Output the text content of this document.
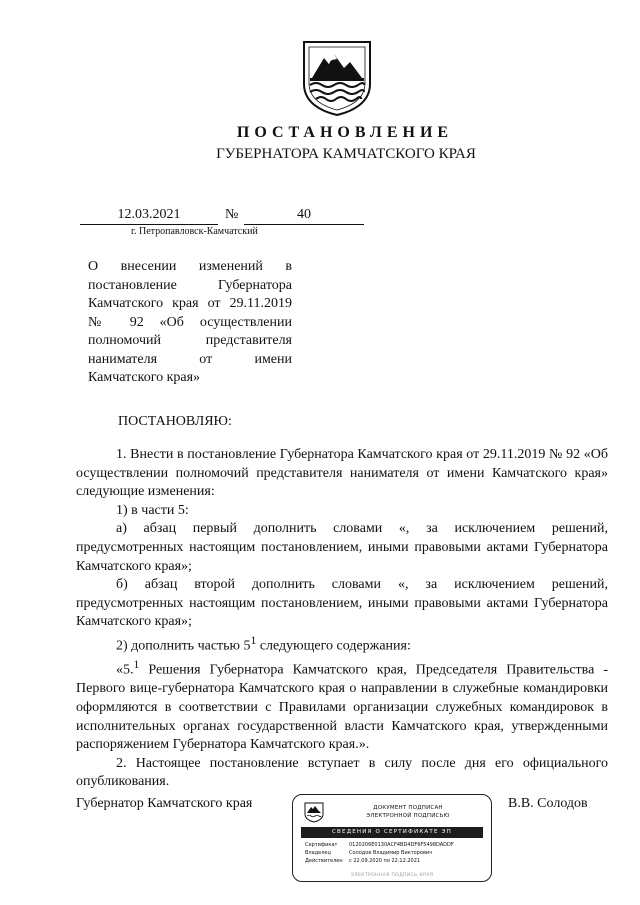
ПОСТАНОВЛЕНИЕ
ГУБЕРНАТОРА КАМЧАТСКОГО КРАЯ
12.03.2021	№	40
г. Петропавловск-Камчатский
О внесении изменений в постановление Губернатора Камчатского края от 29.11.2019 № 92 «Об осуществлении полномочий представителя нанимателя от имени Камчатского края»
ПОСТАНОВЛЯЮ:

1. Внести в постановление Губернатора Камчатского края от 29.11.2019 № 92 «Об осуществлении полномочий представителя нанимателя от имени Камчатского края» следующие изменения:

1) в части 5:

а) абзац первый дополнить словами «, за исключением решений, предусмотренных настоящим постановлением, иными правовыми актами Губернатора Камчатского края»;

б) абзац второй дополнить словами «, за исключением решений, предусмотренных настоящим постановлением, иными правовыми актами Губернатора Камчатского края»;

2) дополнить частью $5^1$ следующего содержания:

«5.$^1$ Решения Губернатора Камчатского края, Председателя Правительства - Первого вице-губернатора Камчатского края о направлении в служебные командировки оформляются в соответствии с Правилами организации служебных командировок в исполнительных органах государственной власти Камчатского края, утвержденными распоряжением Губернатора Камчатского края.».

2. Настоящее постановление вступает в силу после дня его официального опубликования.

Губернатор Камчатского края	В.В. Солодов
ДОКУМЕНТ ПОДПИСАН
ЭЛЕКТРОННОЙ ПОДПИСЬЮ
СВЕДЕНИЯ О СЕРТИФИКАТЕ ЭП
Сертификат 0120206E0130ACF4BD4DF6F5498DADDF
Владелец	Солодов Владимир Викторович
Действителен с 22.09.2020 по 22.12.2021
ЭЛЕКТРОННАЯ ПОДПИСЬ КРАЯ
